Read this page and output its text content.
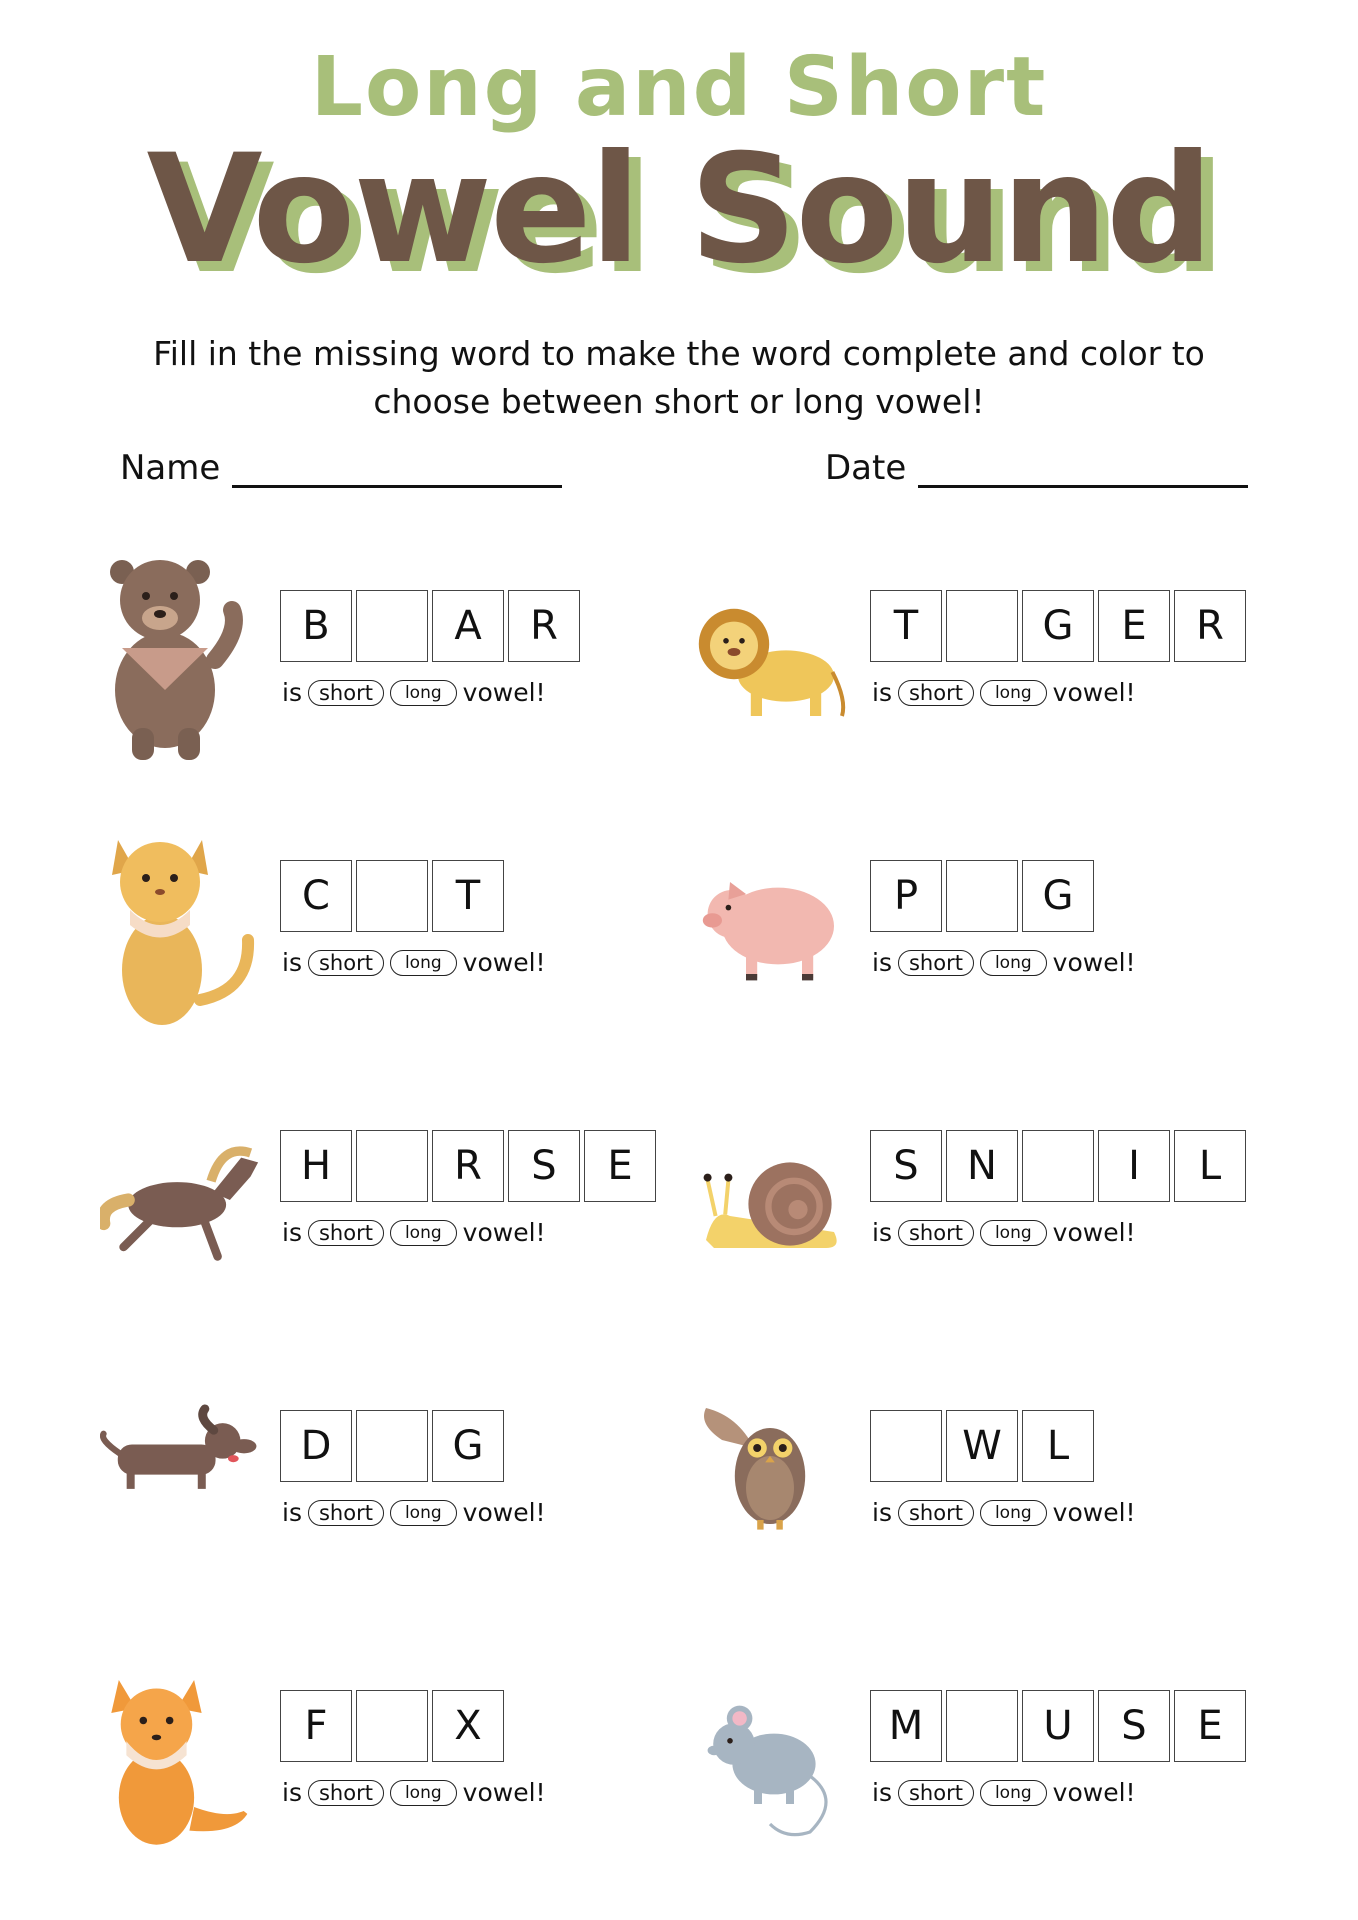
Long and Short
Vowel Sound
Fill in the missing word to make the word complete and color to choose between short or long vowel!
Name	Date
B	A	R
is short	long vowel!
T	G	E	R
is short	long vowel!
C	T
is short	long vowel!
P	G
is short	long vowel!
H	R	S	E
is short	long vowel!
S	N	I	L
is short	long vowel!
D	G
is short	long vowel!
W	L
is short	long vowel!
F	X
is short	long vowel!
M	U	S	E
is short	long vowel!
